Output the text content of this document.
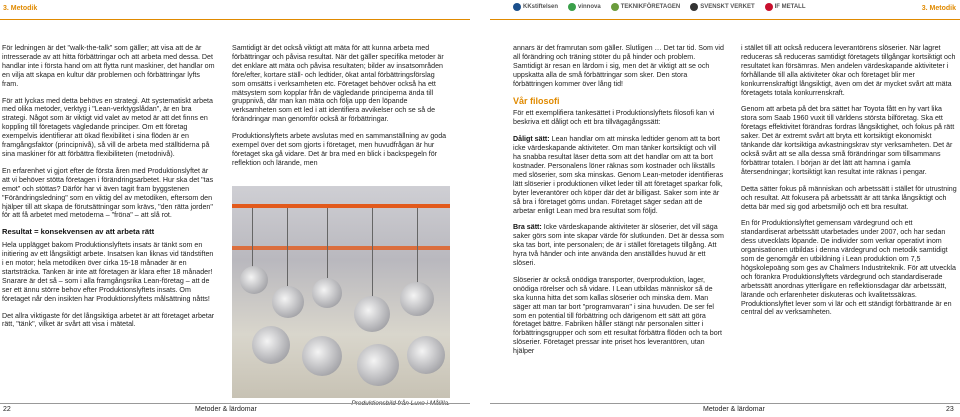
3. Metodik	KKstiftelsen	vinnova	TEKNIKFÖRETAGEN	SVENSKT VERKET	IF METALL	3. Metodik

För ledningen är det "walk-the-talk" som gäller; att visa att de är intresserade av att hitta förbättringar och att arbeta med dessa. Det handlar inte i första hand om att flytta runt maskiner, det handlar om en vilja att skapa en kultur där problemen och förbättringar lyfts fram.

För att lyckas med detta behövs en strategi. Att systematiskt arbeta med olika metoder, verktyg i "Lean-verktygslådan", är en bra strategi. Något som är viktigt vid valet av metod är att det finns en koppling till företagets vägledande principer. Om ett företag exempelvis identifierar att ökad flexibilitet i sina flöden är en framgångsfaktor (principnivå), så vill de arbeta med ställtiderna på sina maskiner för att förbättra flexibiliteten (metodnivå).

En erfarenhet vi gjort efter de första åren med Produktionslyftet är att vi behöver stötta företagen i förändringsarbetet. Hur ska det "tas emot" och stöttas? Därför har vi även tagit fram byggstenen "Förändringsledning" som en viktig del av metodiken, eftersom den hjälper till att skapa de förutsättningar som krävs, "den rätta jorden" för att få arbetet med metoderna – "fröna" – att slå rot.

Resultat = konsekvensen av att arbeta rätt

Hela upplägget bakom Produktionslyftets insats är tänkt som en initiering av ett långsiktigt arbete. Insatsen kan liknas vid tändstiften i en motor; hela metodiken över cirka 15-18 månader är en startsträcka. Tanken är inte att företagen är klara efter 18 månader! Snarare är det så – som i alla framgångsrika Lean-företag – att de ser ett ännu större behov efter Produktionslyftets insats. Om företaget når den insikten har Produktionslyftets målsättning nåtts!

Det allra viktigaste för det långsiktiga arbetet är att företaget arbetar rätt, "tänk", vilket är svårt att visa i mätetal.

Samtidigt är det också viktigt att mäta för att kunna arbeta med förbättringar och påvisa resultat. När det gäller specifika metoder är det enklare att mäta och påvisa resultaten; bilder av insatsområden före/efter, kortare ställ- och ledtider, ökat antal förbättringsförslag som omsätts i verksamheten etc. Företaget behöver också ha ett mätsystem som kopplar från de vägledande principerna ända till gruppnivå, där man kan mäta och följa upp den löpande verksamheten som ett led i att identifiera avvikelser och se så de förändringar man genomför också är förbättringar.

Produktionslyftets arbete avslutas med en sammanställning av goda exempel över det som gjorts i företaget, men huvudfrågan är hur företaget ska gå vidare. Det är bra med en blick i backspegeln för reflektion och lärande, men

annars är det framrutan som gäller. Slutligen … Det tar tid. Som vid all förändring och träning stöter du på hinder och problem. Samtidigt är resan en lärdom i sig, men det är viktigt att se och uppskatta alla de små förbättringar som sker. Den stora förbättringen kommer över lång tid!

Vår filosofi

För ett exemplifiera tankesättet i Produktionslyftets filosofi kan vi beskriva ett dåligt och ett bra tillvägagångssätt:

Dåligt sätt: Lean handlar om att minska ledtider genom att ta bort icke värdeskapande aktiviteter. Om man tänker kortsiktigt och vill ha snabba resultat läser detta som att det handlar om att ta bort kostnader. Personalens löner räknas som kostnader och likställs med slöserier, som ska minskas. Genom Lean-metoder identifieras lätt slöserier i produktionen vilket leder till att företaget sparkar folk, byter leverantörer och köper där det är billigast. Saker som inte är så bra i företaget göms undan. Företaget säger sedan att de arbetar enligt Lean med bra resultat som följd.

Bra sätt: Icke värdeskapande aktiviteter är slöserier, det vill säga saker görs som inte skapar värde för slutkunden. Det är dessa som ska tas bort, inte personalen; de är i stället företagets tillgång. Att hyra två händer och inte använda den anställdes huvud är ett slöseri.

Slöserier är också onödiga transporter, överproduktion, lager, onödiga rörelser och så vidare. I Lean utbildas människor så de ska kunna hitta det som kallas slöserier och minska dem. Man säger att man tar bort "programvaran" i sina huvuden. De ser fel som en potential till förbättring och därigenom ett sätt att göra företaget bättre. Fabriken håller stängt när personalen sitter i förbättringsgrupper och som ett resultat förbättra flöden och ta bort slöserier. Företaget pressar inte priset hos leverantören, utan hjälper

i stället till att också reducera leverantörens slöserier. När lagret reduceras så reduceras samtidigt företagets tillgångar kortsiktigt och resultatet kan försämras. Men andelen värdeskapande aktiviteter i förhållande till alla aktiviteter ökar och företaget blir mer konkurrenskraftigt långsiktigt, även om det är mycket svårt att mäta företagets totala konkurrenskraft.

Genom att arbeta på det bra sättet har Toyota fått en hy vart lika stora som Saab 1960 vuxit till världens största bilföretag. Ska ett företags effektivitet förändras fordras långsiktighet, och fokus på rätt saker. Det är extremt svårt att bryta ett kortsiktigt ekonomiskt tänkande där kortsiktiga avkastningskrav styr verksamheten. Det är också svårt att se alla dessa små förändringar som tillsammans förbättrar totalen. I början är det lätt att hamna i gamla återsendningar; kortsiktigt kan resultat inte räknas i pengar.

Detta sätter fokus på människan och arbetssätt i stället för utrustning och resultat. Att fokusera på arbetssätt är att tänka långsiktigt och detta bär med sig god arbetsmiljö och ett bra resultat.

En för Produktionslyftet gemensam värdegrund och ett standardiserat arbetssätt utarbetades under 2007, och har sedan dess utvecklats löpande. De individer som verkar operativt inom organisationen utbildas i denna värdegrund och metodik samtidigt som de genomgår en utbildning i Lean produktion om 7,5 högskolepoäng som ges av Chalmers Industriteknik. För att utveckla och förankra Produktionslyftets värdegrund och standardiserade arbetssätt anordnas ytterligare en reflektionsdagar där arbetssätt, lärande och erfarenheter diskuteras och kvalitetssäkras. Produktionslyftet lever som vi lär och ett ständigt förbättrande är en central del av verksamheten.

22	Metoder & lärdomar	Metoder & lärdomar	23
